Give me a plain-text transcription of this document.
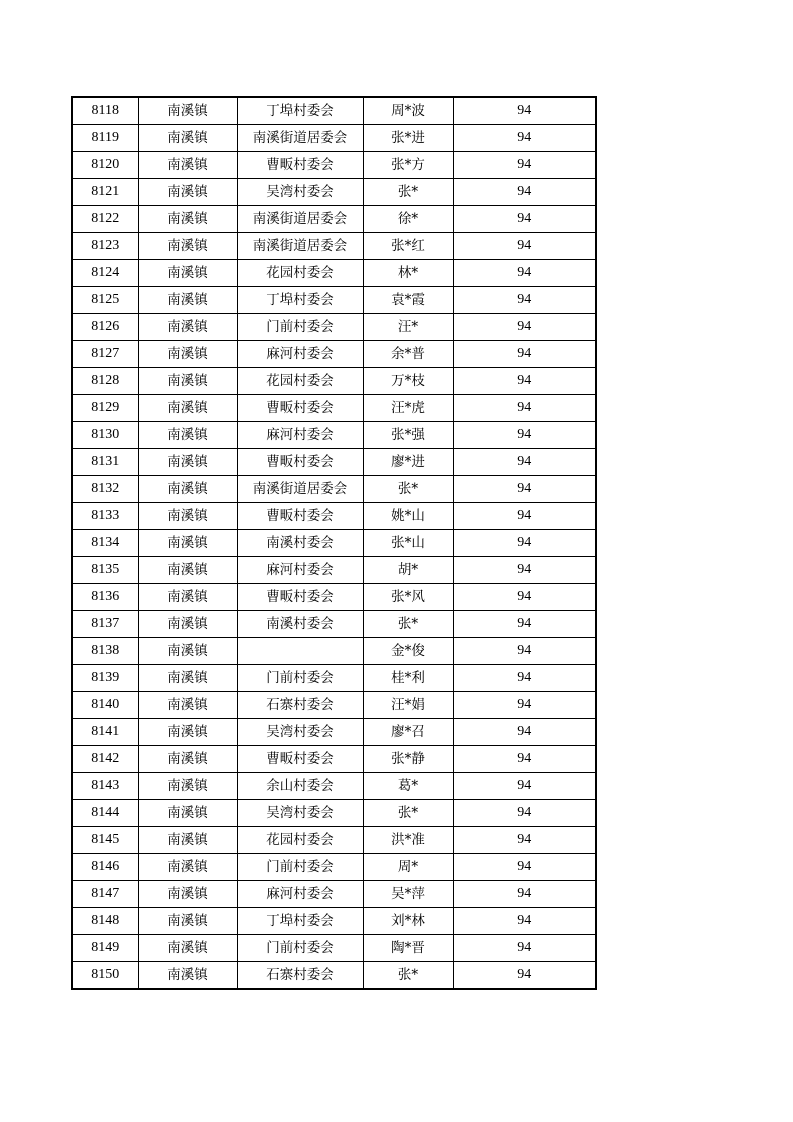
8118	南溪镇	丁埠村委会	周*波	94
8119	南溪镇	南溪街道居委会	张*进	94
8120	南溪镇	曹畈村委会	张*方	94
8121	南溪镇	吴湾村委会	张*	94
8122	南溪镇	南溪街道居委会	徐*	94
8123	南溪镇	南溪街道居委会	张*红	94
8124	南溪镇	花园村委会	林*	94
8125	南溪镇	丁埠村委会	袁*霞	94
8126	南溪镇	门前村委会	汪*	94
8127	南溪镇	麻河村委会	余*普	94
8128	南溪镇	花园村委会	万*枝	94
8129	南溪镇	曹畈村委会	汪*虎	94
8130	南溪镇	麻河村委会	张*强	94
8131	南溪镇	曹畈村委会	廖*进	94
8132	南溪镇	南溪街道居委会	张*	94
8133	南溪镇	曹畈村委会	姚*山	94
8134	南溪镇	南溪村委会	张*山	94
8135	南溪镇	麻河村委会	胡*	94
8136	南溪镇	曹畈村委会	张*风	94
8137	南溪镇	南溪村委会	张*	94
8138	南溪镇		金*俊	94
8139	南溪镇	门前村委会	桂*利	94
8140	南溪镇	石寨村委会	汪*娟	94
8141	南溪镇	吴湾村委会	廖*召	94
8142	南溪镇	曹畈村委会	张*静	94
8143	南溪镇	余山村委会	葛*	94
8144	南溪镇	吴湾村委会	张*	94
8145	南溪镇	花园村委会	洪*准	94
8146	南溪镇	门前村委会	周*	94
8147	南溪镇	麻河村委会	吴*萍	94
8148	南溪镇	丁埠村委会	刘*林	94
8149	南溪镇	门前村委会	陶*晋	94
8150	南溪镇	石寨村委会	张*	94
